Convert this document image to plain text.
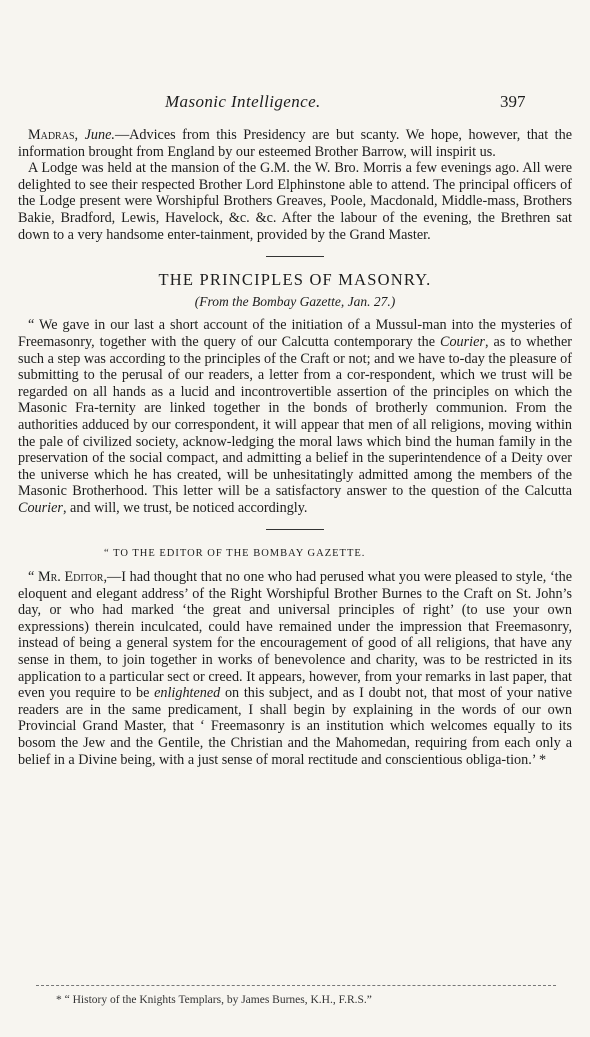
Masonic Intelligence.	397

Madras, June.—Advices from this Presidency are but scanty. We hope, however, that the information brought from England by our esteemed Brother Barrow, will inspirit us.

A Lodge was held at the mansion of the G.M. the W. Bro. Morris a few evenings ago. All were delighted to see their respected Brother Lord Elphinstone able to attend. The principal officers of the Lodge present were Worshipful Brothers Greaves, Poole, Macdonald, Middle-mass, Brothers Bakie, Bradford, Lewis, Havelock, &c. &c. After the labour of the evening, the Brethren sat down to a very handsome enter-tainment, provided by the Grand Master.

THE PRINCIPLES OF MASONRY.
(From the Bombay Gazette, Jan. 27.)

“ We gave in our last a short account of the initiation of a Mussul-man into the mysteries of Freemasonry, together with the query of our Calcutta contemporary the Courier, as to whether such a step was according to the principles of the Craft or not; and we have to-day the pleasure of submitting to the perusal of our readers, a letter from a cor-respondent, which we trust will be regarded on all hands as a lucid and incontrovertible assertion of the principles on which the Masonic Fra-ternity are linked together in the bonds of brotherly communion. From the authorities adduced by our correspondent, it will appear that men of all religions, moving within the pale of civilized society, acknow-ledging the moral laws which bind the human family in the preservation of the social compact, and admitting a belief in the superintendence of a Deity over the universe which he has created, will be unhesitatingly admitted among the members of the Masonic Brotherhood. This letter will be a satisfactory answer to the question of the Calcutta Courier, and will, we trust, be noticed accordingly.

“ TO THE EDITOR OF THE BOMBAY GAZETTE.

“ Mr. Editor,—I had thought that no one who had perused what you were pleased to style, ‘the eloquent and elegant address’ of the Right Worshipful Brother Burnes to the Craft on St. John’s day, or who had marked ‘the great and universal principles of right’ (to use your own expressions) therein inculcated, could have remained under the impression that Freemasonry, instead of being a general system for the encouragement of good of all religions, that have any sense in them, to join together in works of benevolence and charity, was to be restricted in its application to a particular sect or creed. It appears, however, from your remarks in last paper, that even you require to be enlightened on this subject, and as I doubt not, that most of your native readers are in the same predicament, I shall begin by explaining in the words of our own Provincial Grand Master, that ‘ Freemasonry is an institution which welcomes equally to its bosom the Jew and the Gentile, the Christian and the Mahomedan, requiring from each only a belief in a Divine being, with a just sense of moral rectitude and conscientious obliga-tion.’ *

* “ History of the Knights Templars, by James Burnes, K.H., F.R.S.”
